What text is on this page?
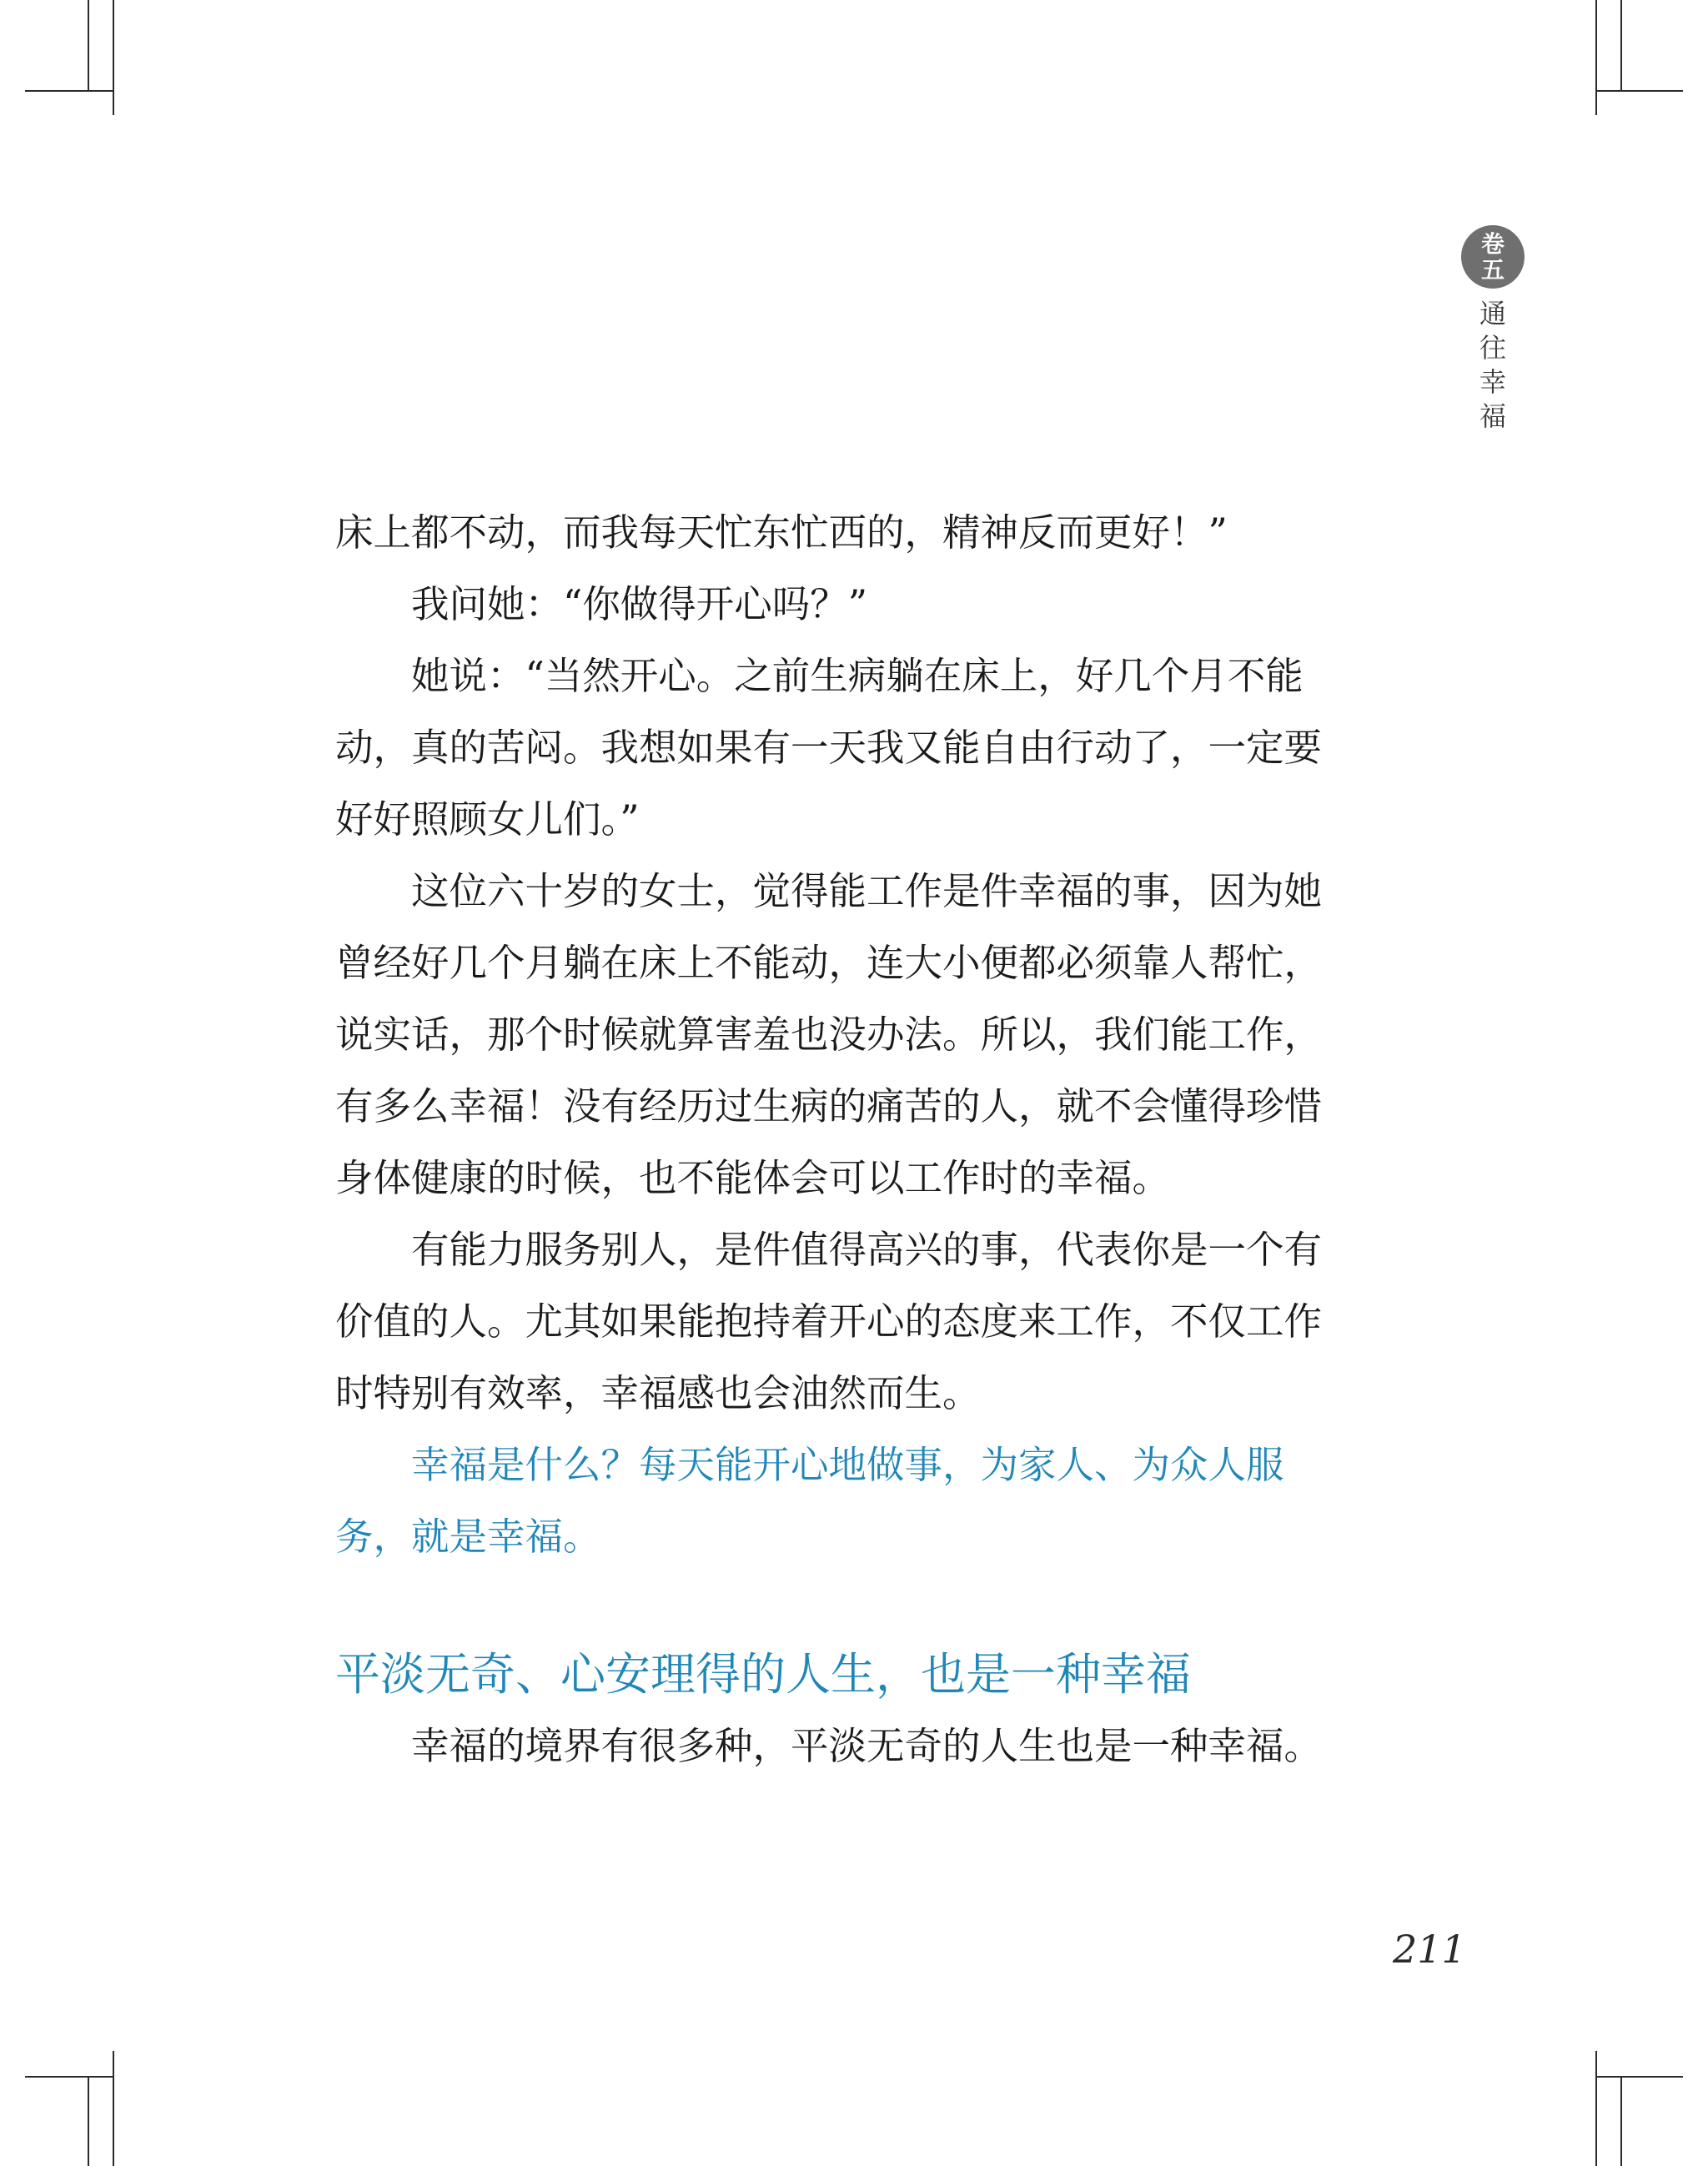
卷
五
通往幸福

床上都不动，而我每天忙东忙西的，精神反而更好！”

我问她：“你做得开心吗？”

她说：“当然开心。之前生病躺在床上，好几个月不能动，真的苦闷。我想如果有一天我又能自由行动了，一定要好好照顾女儿们。”

这位六十岁的女士，觉得能工作是件幸福的事，因为她曾经好几个月躺在床上不能动，连大小便都必须靠人帮忙，说实话，那个时候就算害羞也没办法。所以，我们能工作，有多么幸福！没有经历过生病的痛苦的人，就不会懂得珍惜身体健康的时候，也不能体会可以工作时的幸福。

有能力服务别人，是件值得高兴的事，代表你是一个有价值的人。尤其如果能抱持着开心的态度来工作，不仅工作时特别有效率，幸福感也会油然而生。

幸福是什么？每天能开心地做事，为家人、为众人服务，就是幸福。

平淡无奇、心安理得的人生，也是一种幸福

幸福的境界有很多种，平淡无奇的人生也是一种幸福。

211
